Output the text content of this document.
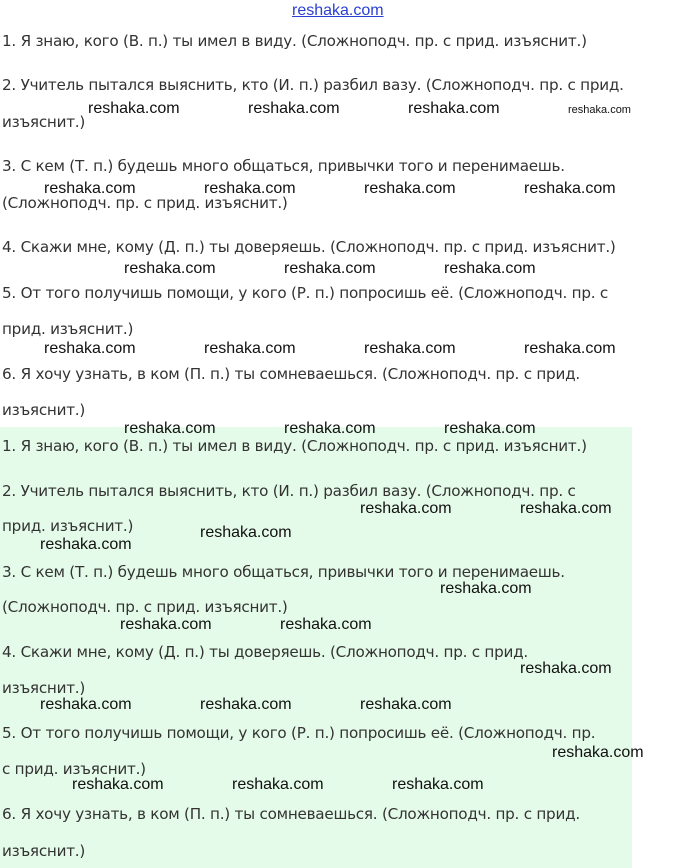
reshaka.com
1. Я знаю, кого (В. п.) ты имел в виду. (Сложноподч. пр. с прид. изъяснит.)
2. Учитель пытался выяснить, кто (И. п.) разбил вазу. (Сложноподч. пр. с прид.
изъяснит.)
3. С кем (Т. п.) будешь много общаться, привычки того и перенимаешь.
(Сложноподч. пр. с прид. изъяснит.)
4. Скажи мне, кому (Д. п.) ты доверяешь. (Сложноподч. пр. с прид. изъяснит.)
5. От того получишь помощи, у кого (Р. п.) попросишь её. (Сложноподч. пр. с
прид. изъяснит.)
6. Я хочу узнать, в ком (П. п.) ты сомневаешься. (Сложноподч. пр. с прид.
изъяснит.)
1. Я знаю, кого (В. п.) ты имел в виду. (Сложноподч. пр. с прид. изъяснит.)
2. Учитель пытался выяснить, кто (И. п.) разбил вазу. (Сложноподч. пр. с
прид. изъяснит.)
3. С кем (Т. п.) будешь много общаться, привычки того и перенимаешь.
(Сложноподч. пр. с прид. изъяснит.)
4. Скажи мне, кому (Д. п.) ты доверяешь. (Сложноподч. пр. с прид.
изъяснит.)
5. От того получишь помощи, у кого (Р. п.) попросишь её. (Сложноподч. пр.
с прид. изъяснит.)
6. Я хочу узнать, в ком (П. п.) ты сомневаешься. (Сложноподч. пр. с прид.
изъяснит.)
reshaka.com	reshaka.com	reshaka.com	reshaka.com
reshaka.com	reshaka.com	reshaka.com	reshaka.com
reshaka.com	reshaka.com	reshaka.com
reshaka.com	reshaka.com	reshaka.com	reshaka.com
reshaka.com	reshaka.com	reshaka.com
reshaka.com	reshaka.com
reshaka.com
reshaka.com
reshaka.com
reshaka.com	reshaka.com
reshaka.com
reshaka.com	reshaka.com	reshaka.com
reshaka.com
reshaka.com	reshaka.com	reshaka.com
